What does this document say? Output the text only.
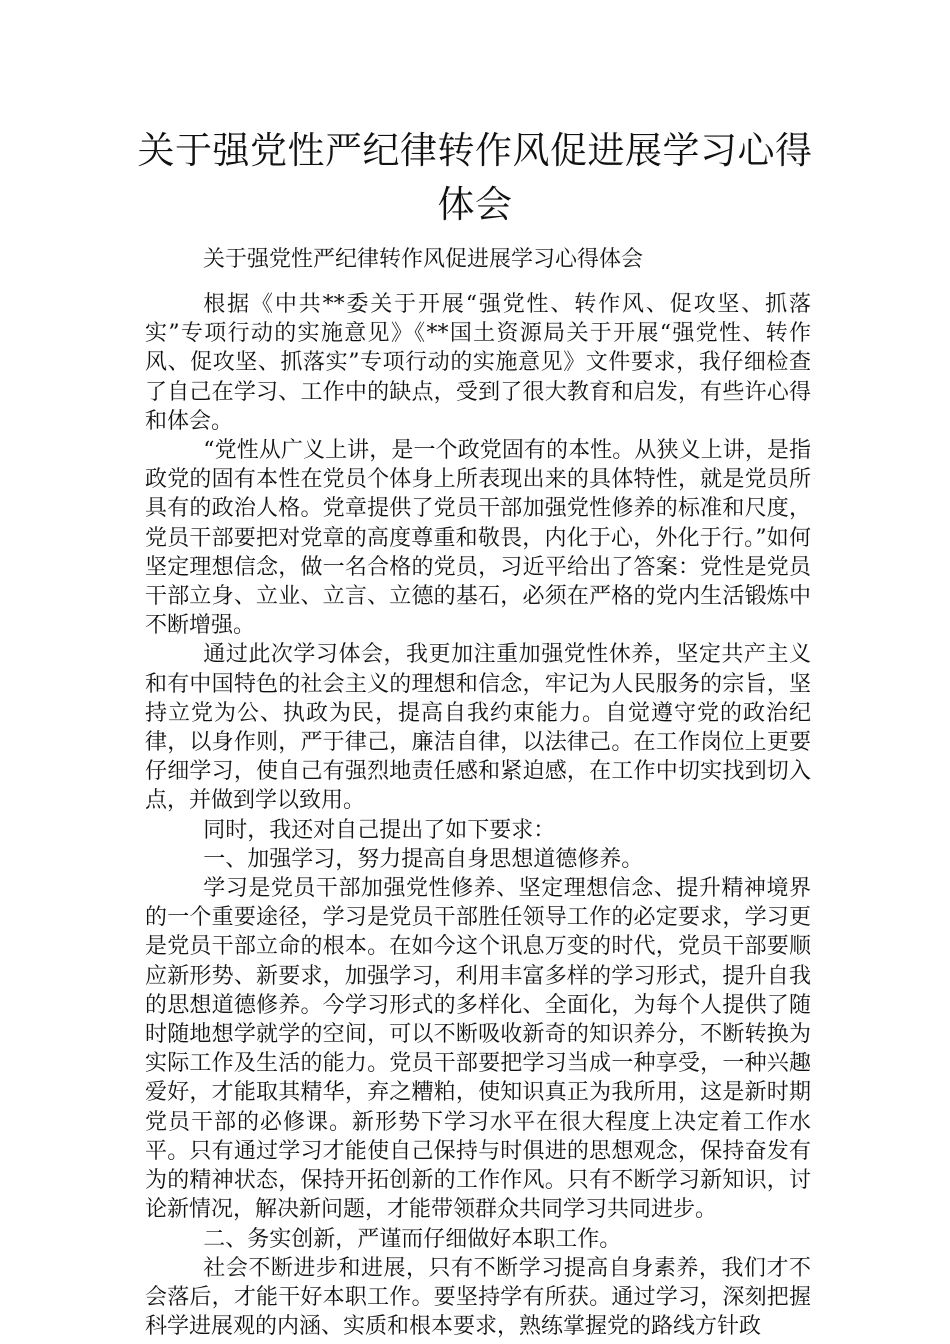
关于强党性严纪律转作风促进展学习心得体会
关于强党性严纪律转作风促进展学习心得体会

根据《中共**委关于开展“强党性、转作风、促攻坚、抓落实”专项行动的实施意见》《**国土资源局关于开展“强党性、转作风、促攻坚、抓落实”专项行动的实施意见》文件要求，我仔细检查了自己在学习、工作中的缺点，受到了很大教育和启发，有些许心得和体会。

“党性从广义上讲，是一个政党固有的本性。从狭义上讲，是指政党的固有本性在党员个体身上所表现出来的具体特性，就是党员所具有的政治人格。党章提供了党员干部加强党性修养的标准和尺度，党员干部要把对党章的高度尊重和敬畏，内化于心，外化于行。”如何坚定理想信念，做一名合格的党员，习近平给出了答案：党性是党员干部立身、立业、立言、立德的基石，必须在严格的党内生活锻炼中不断增强。

通过此次学习体会，我更加注重加强党性休养，坚定共产主义和有中国特色的社会主义的理想和信念，牢记为人民服务的宗旨，坚持立党为公、执政为民，提高自我约束能力。自觉遵守党的政治纪律，以身作则，严于律己，廉洁自律，以法律己。在工作岗位上更要仔细学习，使自己有强烈地责任感和紧迫感，在工作中切实找到切入点，并做到学以致用。

同时，我还对自己提出了如下要求：

一、加强学习，努力提高自身思想道德修养。

学习是党员干部加强党性修养、坚定理想信念、提升精神境界的一个重要途径，学习是党员干部胜任领导工作的必定要求，学习更是党员干部立命的根本。在如今这个讯息万变的时代，党员干部要顺应新形势、新要求，加强学习，利用丰富多样的学习形式，提升自我的思想道德修养。今学习形式的多样化、全面化，为每个人提供了随时随地想学就学的空间，可以不断吸收新奇的知识养分，不断转换为实际工作及生活的能力。党员干部要把学习当成一种享受，一种兴趣爱好，才能取其精华，弃之糟粕，使知识真正为我所用，这是新时期党员干部的必修课。新形势下学习水平在很大程度上决定着工作水平。只有通过学习才能使自己保持与时俱进的思想观念，保持奋发有为的精神状态，保持开拓创新的工作作风。只有不断学习新知识，讨论新情况，解决新问题，才能带领群众共同学习共同进步。

二、务实创新，严谨而仔细做好本职工作。

社会不断进步和进展，只有不断学习提高自身素养，我们才不会落后，才能干好本职工作。要坚持学有所获。通过学习，深刻把握科学进展观的内涵、实质和根本要求，熟练掌握党的路线方针政
